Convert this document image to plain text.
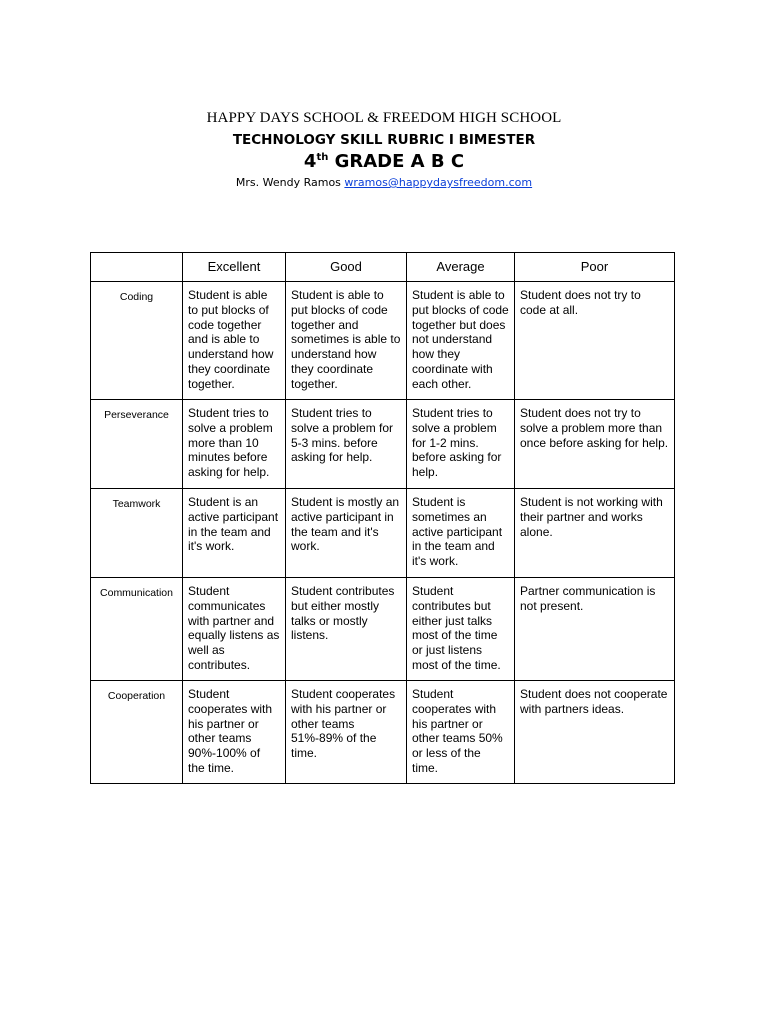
HAPPY DAYS SCHOOL & FREEDOM HIGH SCHOOL
TECHNOLOGY SKILL RUBRIC I BIMESTER
4th GRADE A B C
Mrs. Wendy Ramos wramos@happydaysfreedom.com
	Excellent	Good	Average	Poor
Coding	Student is able to put blocks of code together and is able to understand how they coordinate together.	Student is able to put blocks of code together and sometimes is able to understand how they coordinate together.	Student is able to put blocks of code together but does not understand how they coordinate with each other.	Student does not try to code at all.
Perseverance	Student tries to solve a problem more than 10 minutes before asking for help.	Student tries to solve a problem for 5-3 mins. before asking for help.	Student tries to solve a problem for 1-2 mins. before asking for help.	Student does not try to solve a problem more than once before asking for help.
Teamwork	Student is an active participant in the team and it's work.	Student is mostly an active participant in the team and it's work.	Student is sometimes an active participant in the team and it's work.	Student is not working with their partner and works alone.
Communication	Student communicates with partner and equally listens as well as contributes.	Student contributes but either mostly talks or mostly listens.	Student contributes but either just talks most of the time or just listens most of the time.	Partner communication is not present.
Cooperation	Student cooperates with his partner or other teams 90%-100% of the time.	Student cooperates with his partner or other teams 51%-89% of the time.	Student cooperates with his partner or other teams 50% or less of the time.	Student does not cooperate with partners ideas.
